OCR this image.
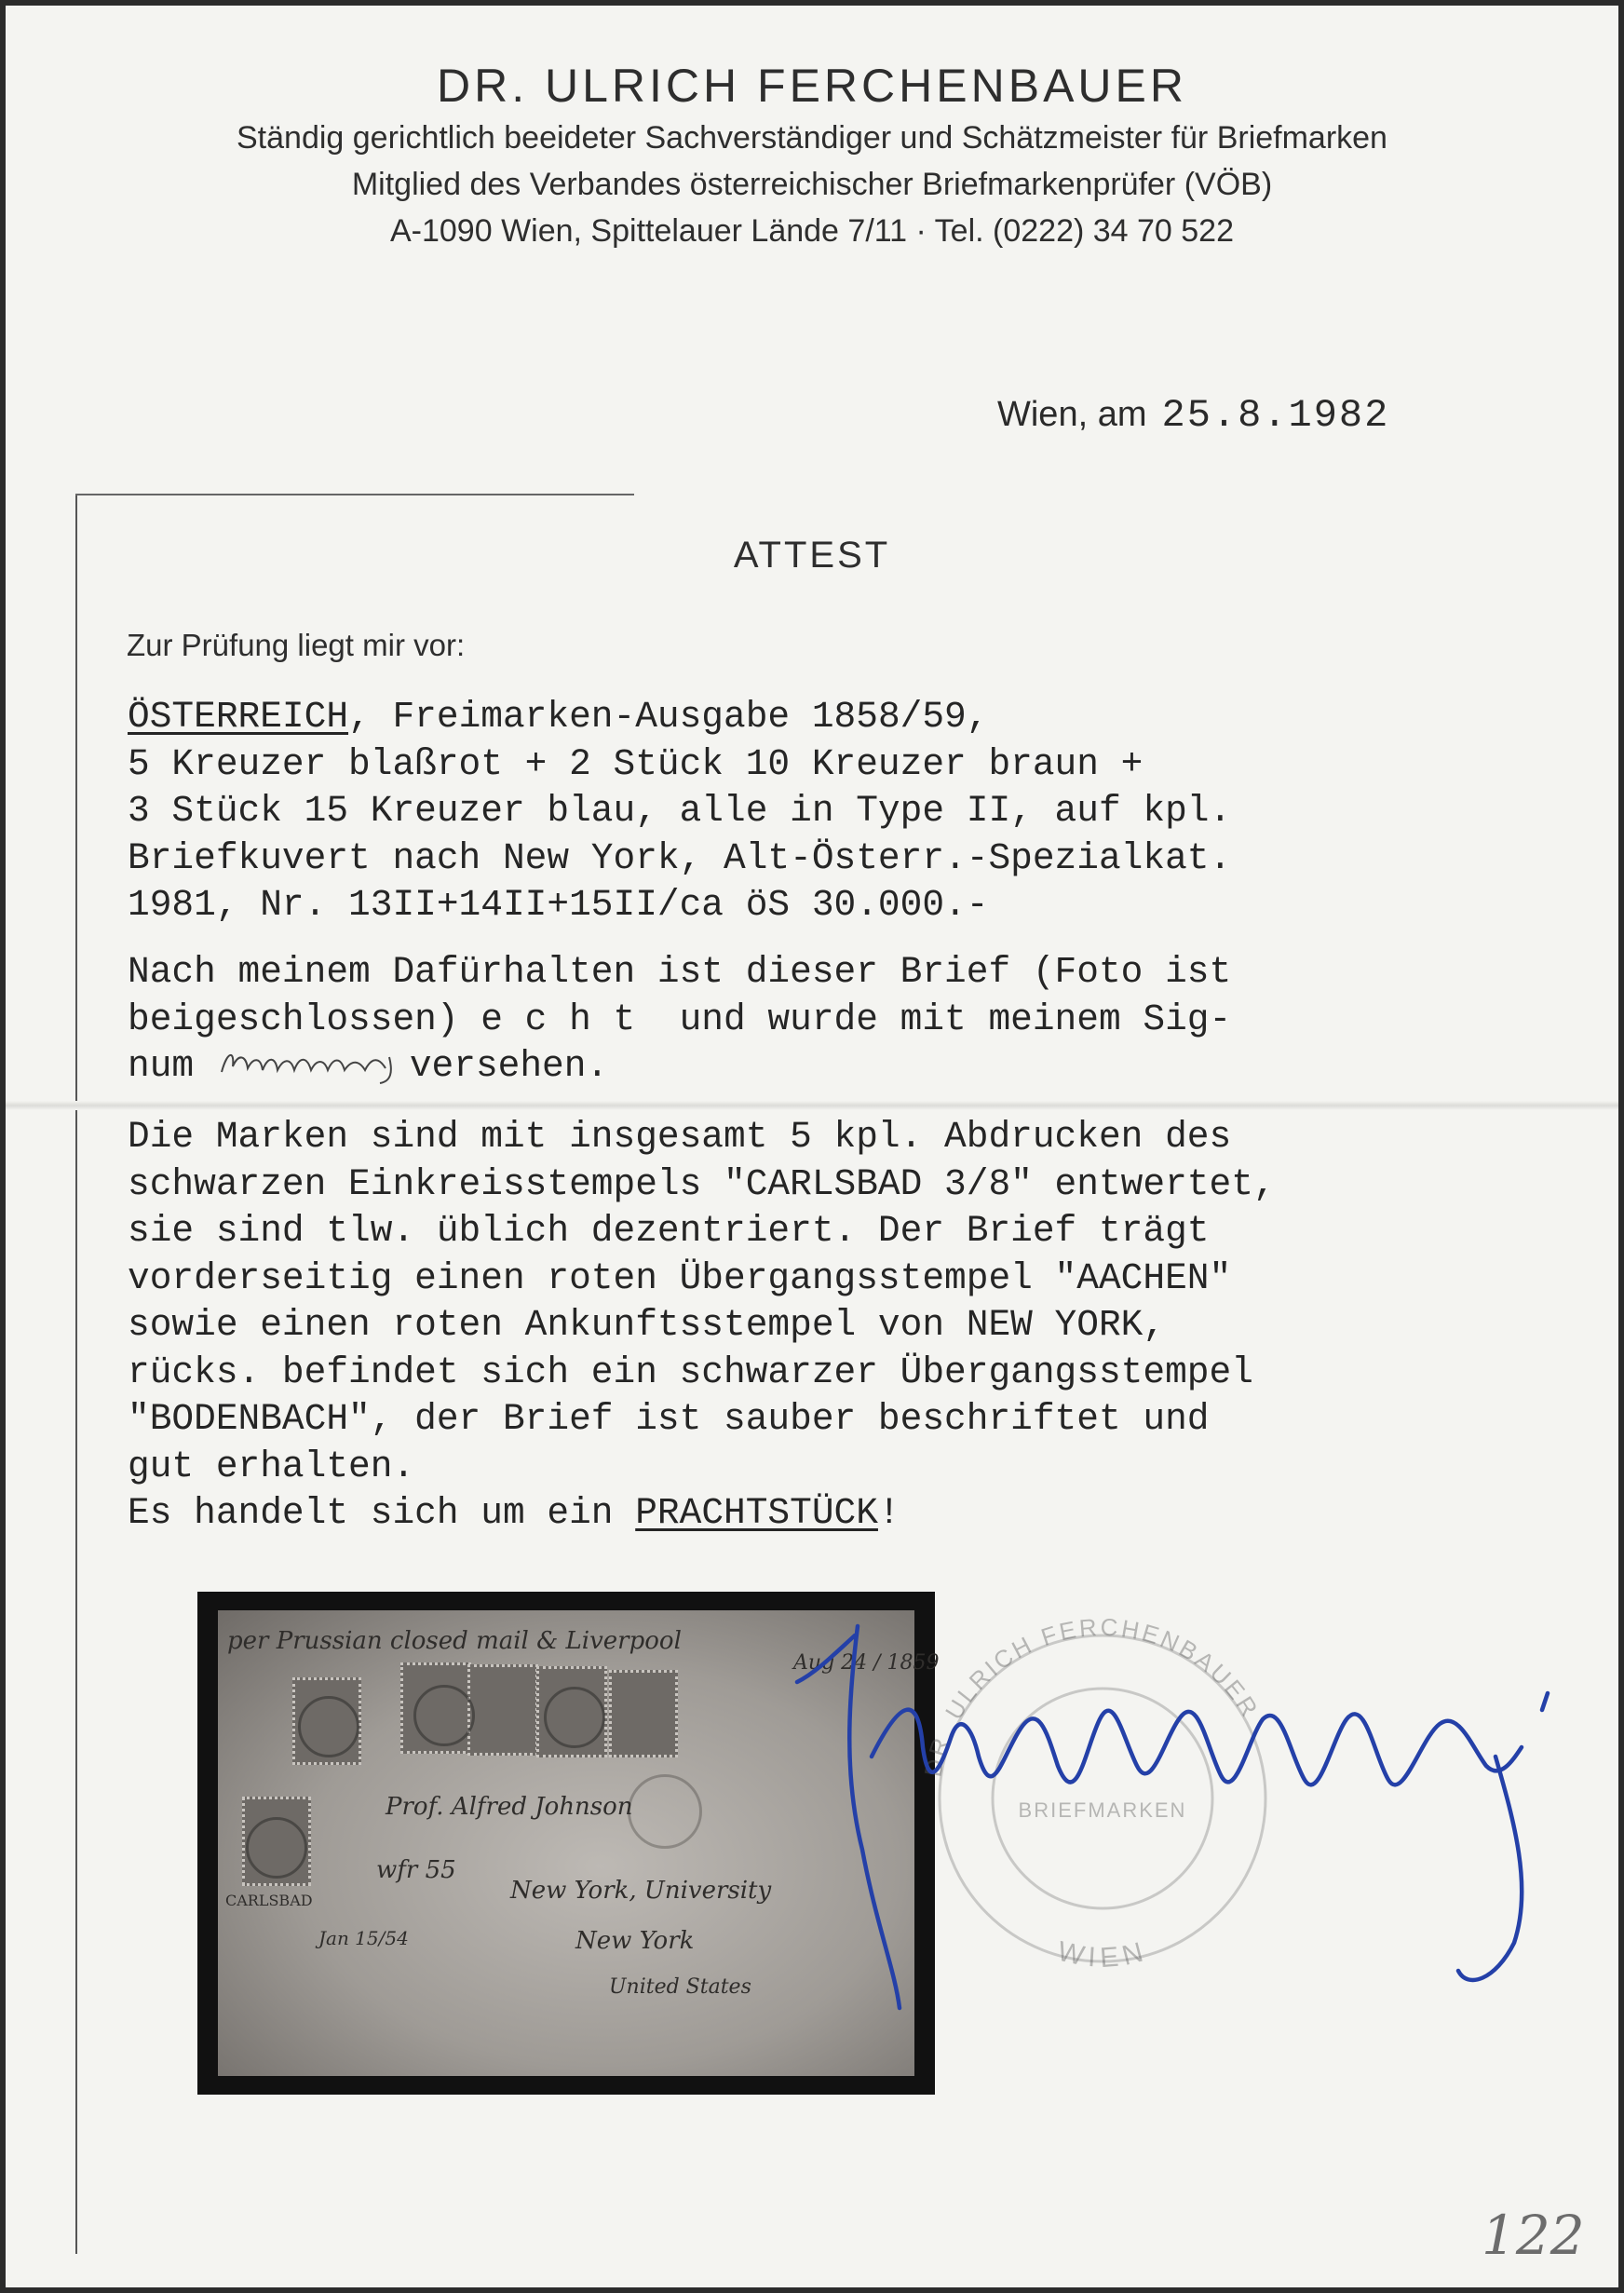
DR. ULRICH FERCHENBAUER
Ständig gerichtlich beeideter Sachverständiger und Schätzmeister für Briefmarken
Mitglied des Verbandes österreichischer Briefmarkenprüfer (VÖB)
A-1090 Wien, Spittelauer Lände 7/11 · Tel. (0222) 34 70 522
Wien, am 25.8.1982
ATTEST
Zur Prüfung liegt mir vor:
ÖSTERREICH, Freimarken-Ausgabe 1858/59,
5 Kreuzer blaßrot + 2 Stück 10 Kreuzer braun +
3 Stück 15 Kreuzer blau, alle in Type II, auf kpl.
Briefkuvert nach New York, Alt-Österr.-Spezialkat.
1981, Nr. 13II+14II+15II/ca öS 30.000.-
Nach meinem Dafürhalten ist dieser Brief (Foto ist
beigeschlossen) e c h t  und wurde mit meinem Sig-
num	versehen.
Die Marken sind mit insgesamt 5 kpl. Abdrucken des
schwarzen Einkreisstempels "CARLSBAD 3/8" entwertet,
sie sind tlw. üblich dezentriert. Der Brief trägt
vorderseitig einen roten Übergangsstempel "AACHEN"
sowie einen roten Ankunftsstempel von NEW YORK,
rücks. befindet sich ein schwarzer Übergangsstempel
"BODENBACH", der Brief ist sauber beschriftet und
gut erhalten.
Es handelt sich um ein PRACHTSTÜCK!
per Prussian closed mail & Liverpool
Aug 24 / 1859
Prof. Alfred Johnson
New York, University
New York
United States
wfr 55
Jan 15/54
CARLSBAD
DR. ULRICH FERCHENBAUER
BRIEFMARKEN
WIEN
122
